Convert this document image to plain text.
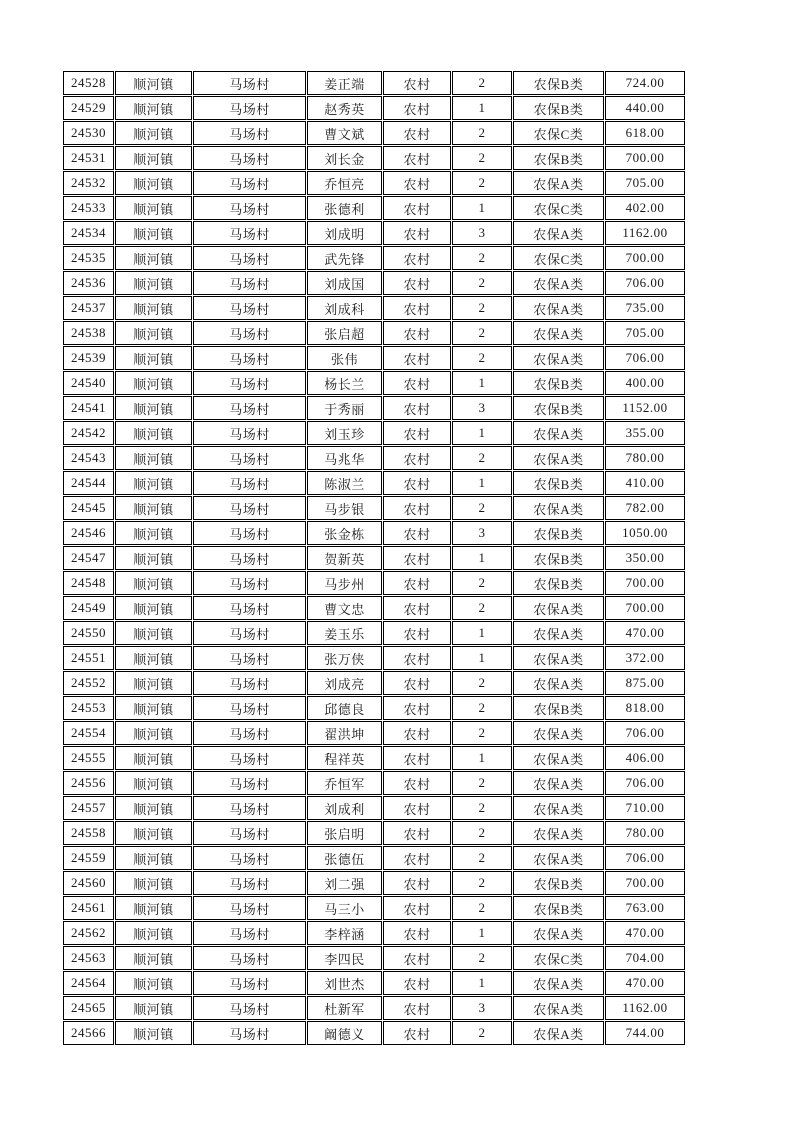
24528	顺河镇	马场村	姜正端	农村	2	农保B类	724.00
24529	顺河镇	马场村	赵秀英	农村	1	农保B类	440.00
24530	顺河镇	马场村	曹文斌	农村	2	农保C类	618.00
24531	顺河镇	马场村	刘长金	农村	2	农保B类	700.00
24532	顺河镇	马场村	乔恒亮	农村	2	农保A类	705.00
24533	顺河镇	马场村	张德利	农村	1	农保C类	402.00
24534	顺河镇	马场村	刘成明	农村	3	农保A类	1162.00
24535	顺河镇	马场村	武先锋	农村	2	农保C类	700.00
24536	顺河镇	马场村	刘成国	农村	2	农保A类	706.00
24537	顺河镇	马场村	刘成科	农村	2	农保A类	735.00
24538	顺河镇	马场村	张启超	农村	2	农保A类	705.00
24539	顺河镇	马场村	张伟	农村	2	农保A类	706.00
24540	顺河镇	马场村	杨长兰	农村	1	农保B类	400.00
24541	顺河镇	马场村	于秀丽	农村	3	农保B类	1152.00
24542	顺河镇	马场村	刘玉珍	农村	1	农保A类	355.00
24543	顺河镇	马场村	马兆华	农村	2	农保A类	780.00
24544	顺河镇	马场村	陈淑兰	农村	1	农保B类	410.00
24545	顺河镇	马场村	马步银	农村	2	农保A类	782.00
24546	顺河镇	马场村	张金栋	农村	3	农保B类	1050.00
24547	顺河镇	马场村	贺新英	农村	1	农保B类	350.00
24548	顺河镇	马场村	马步州	农村	2	农保B类	700.00
24549	顺河镇	马场村	曹文忠	农村	2	农保A类	700.00
24550	顺河镇	马场村	姜玉乐	农村	1	农保A类	470.00
24551	顺河镇	马场村	张万侠	农村	1	农保A类	372.00
24552	顺河镇	马场村	刘成亮	农村	2	农保A类	875.00
24553	顺河镇	马场村	邱德良	农村	2	农保B类	818.00
24554	顺河镇	马场村	翟洪坤	农村	2	农保A类	706.00
24555	顺河镇	马场村	程祥英	农村	1	农保A类	406.00
24556	顺河镇	马场村	乔恒军	农村	2	农保A类	706.00
24557	顺河镇	马场村	刘成利	农村	2	农保A类	710.00
24558	顺河镇	马场村	张启明	农村	2	农保A类	780.00
24559	顺河镇	马场村	张德伍	农村	2	农保A类	706.00
24560	顺河镇	马场村	刘二强	农村	2	农保B类	700.00
24561	顺河镇	马场村	马三小	农村	2	农保B类	763.00
24562	顺河镇	马场村	李梓涵	农村	1	农保A类	470.00
24563	顺河镇	马场村	李四民	农村	2	农保C类	704.00
24564	顺河镇	马场村	刘世杰	农村	1	农保A类	470.00
24565	顺河镇	马场村	杜新军	农村	3	农保A类	1162.00
24566	顺河镇	马场村	阚德义	农村	2	农保A类	744.00
